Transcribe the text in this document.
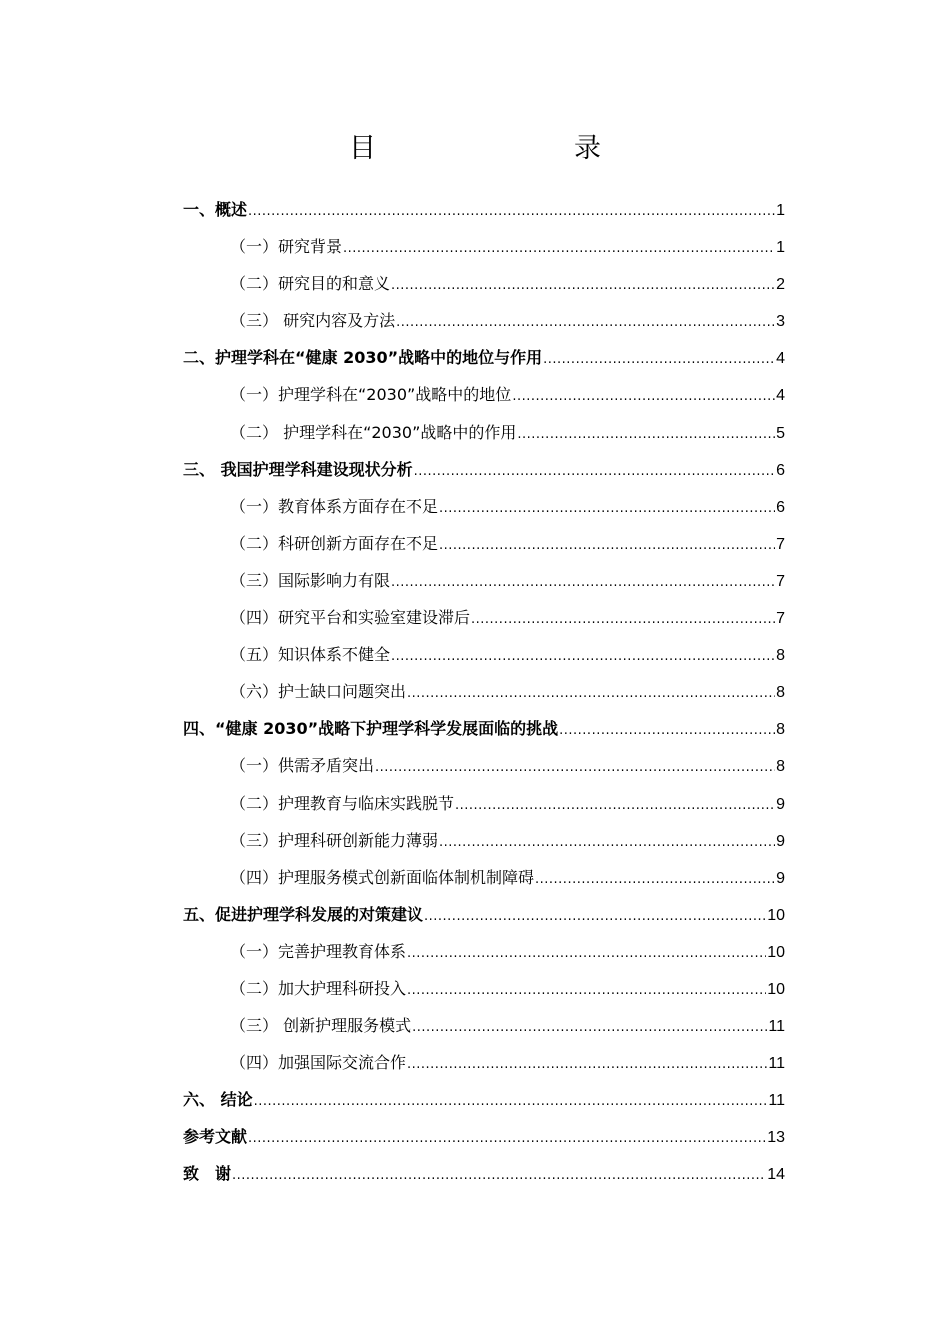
目　　录
一、概述 .....	1
（一）研究背景 .....	1
（二）研究目的和意义 .....	2
（三） 研究内容及方法 .....	3
二、护理学科在“健康 2030”战略中的地位与作用 .....	4
（一）护理学科在“2030”战略中的地位 .....	4
（二） 护理学科在“2030”战略中的作用 .....	5
三、 我国护理学科建设现状分析 .....	6
（一）教育体系方面存在不足 .....	6
（二）科研创新方面存在不足 .....	7
（三）国际影响力有限 .....	7
（四）研究平台和实验室建设滞后 .....	7
（五）知识体系不健全 .....	8
（六）护士缺口问题突出 .....	8
四、“健康 2030”战略下护理学科学发展面临的挑战 .....	8
（一）供需矛盾突出 .....	8
（二）护理教育与临床实践脱节 .....	9
（三）护理科研创新能力薄弱 .....	9
（四）护理服务模式创新面临体制机制障碍 .....	9
五、促进护理学科发展的对策建议 .....	10
（一）完善护理教育体系 .....	10
（二）加大护理科研投入 .....	10
（三） 创新护理服务模式 .....	11
（四）加强国际交流合作 .....	11
六、 结论 .....	11
参考文献 .....	13
致　谢 .....	14
